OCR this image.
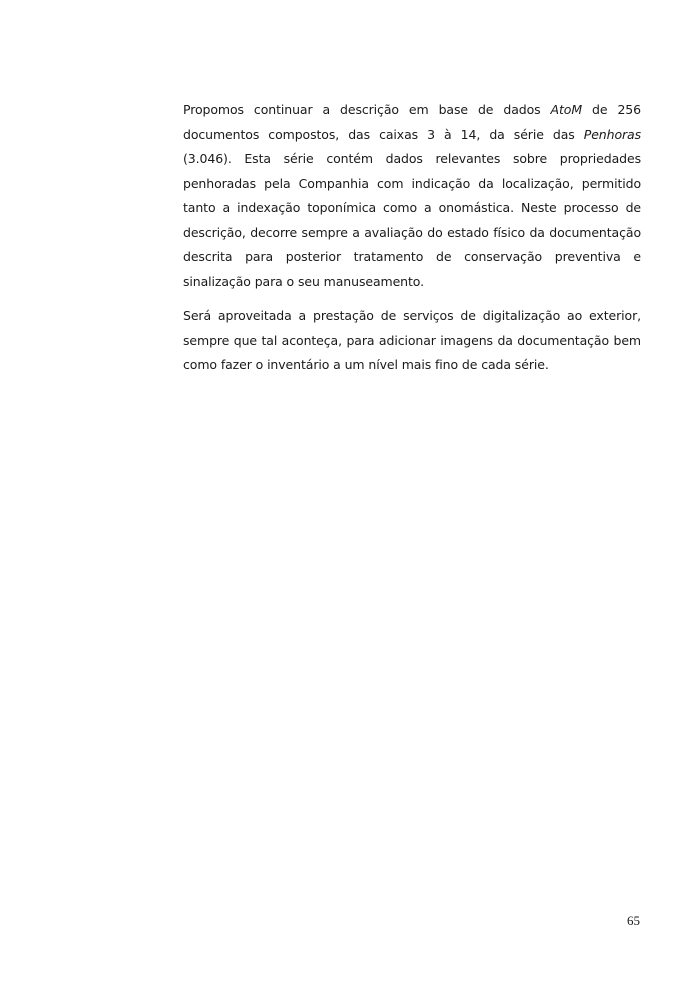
Propomos continuar a descrição em base de dados AtoM de 256 documentos compostos, das caixas 3 à 14, da série das Penhoras (3.046). Esta série contém dados relevantes sobre propriedades penhoradas pela Companhia com indicação da localização, permitido tanto a indexação toponímica como a onomástica. Neste processo de descrição, decorre sempre a avaliação do estado físico da documentação descrita para posterior tratamento de conservação preventiva e sinalização para o seu manuseamento.

Será aproveitada a prestação de serviços de digitalização ao exterior, sempre que tal aconteça, para adicionar imagens da documentação bem como fazer o inventário a um nível mais fino de cada série.

65
